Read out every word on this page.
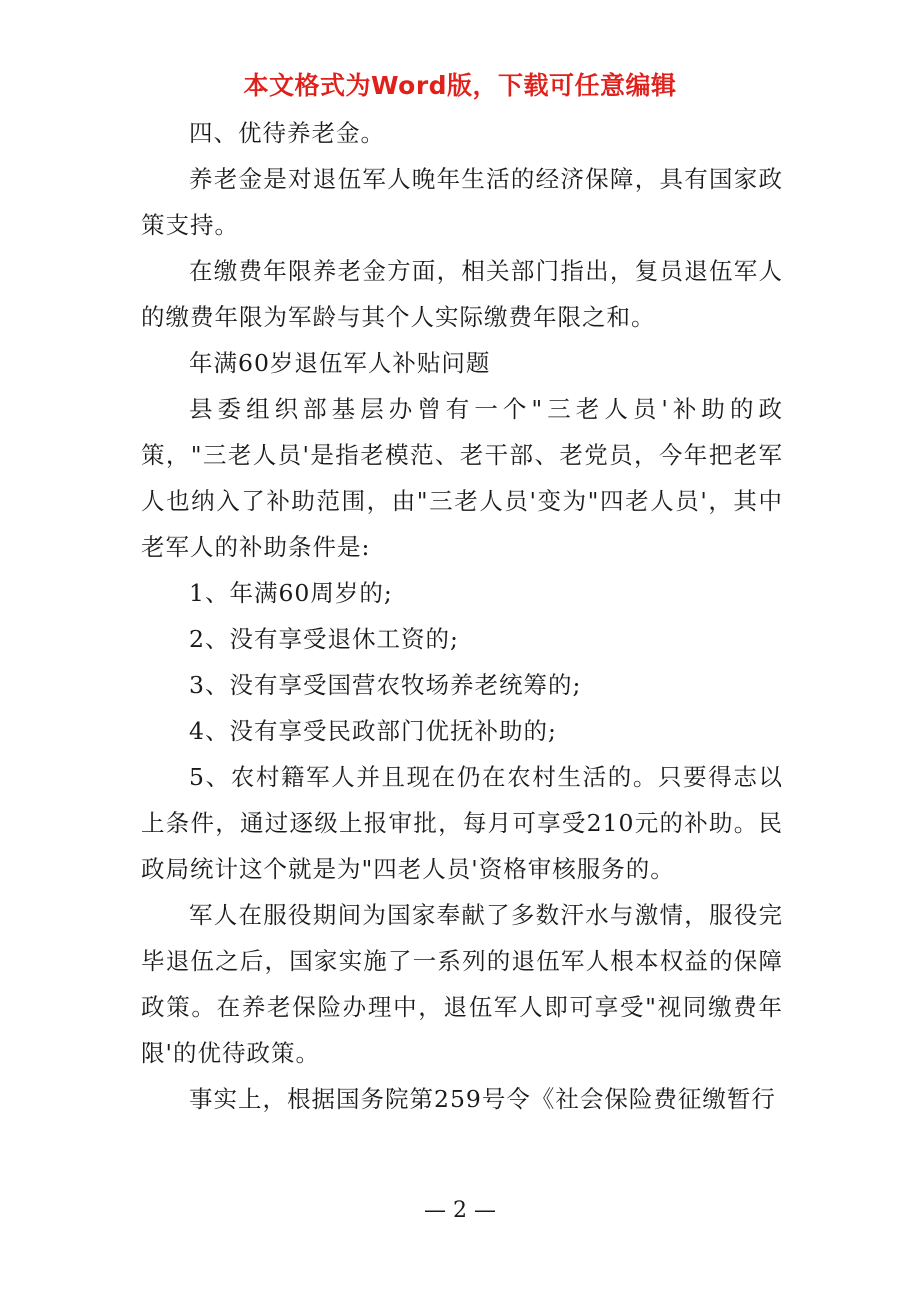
本文格式为Word版，下载可任意编辑

四、优待养老金。

养老金是对退伍军人晚年生活的经济保障，具有国家政策支持。

在缴费年限养老金方面，相关部门指出，复员退伍军人的缴费年限为军龄与其个人实际缴费年限之和。

年满60岁退伍军人补贴问题

县委组织部基层办曾有一个"三老人员'补助的政策，"三老人员'是指老模范、老干部、老党员，今年把老军人也纳入了补助范围，由"三老人员'变为"四老人员'，其中老军人的补助条件是:

1、年满60周岁的;

2、没有享受退休工资的;

3、没有享受国营农牧场养老统筹的;

4、没有享受民政部门优抚补助的;

5、农村籍军人并且现在仍在农村生活的。只要得志以上条件，通过逐级上报审批，每月可享受210元的补助。民政局统计这个就是为"四老人员'资格审核服务的。

军人在服役期间为国家奉献了多数汗水与激情，服役完毕退伍之后，国家实施了一系列的退伍军人根本权益的保障政策。在养老保险办理中，退伍军人即可享受"视同缴费年限'的优待政策。

事实上，根据国务院第259号令《社会保险费征缴暂行

— 2 —
